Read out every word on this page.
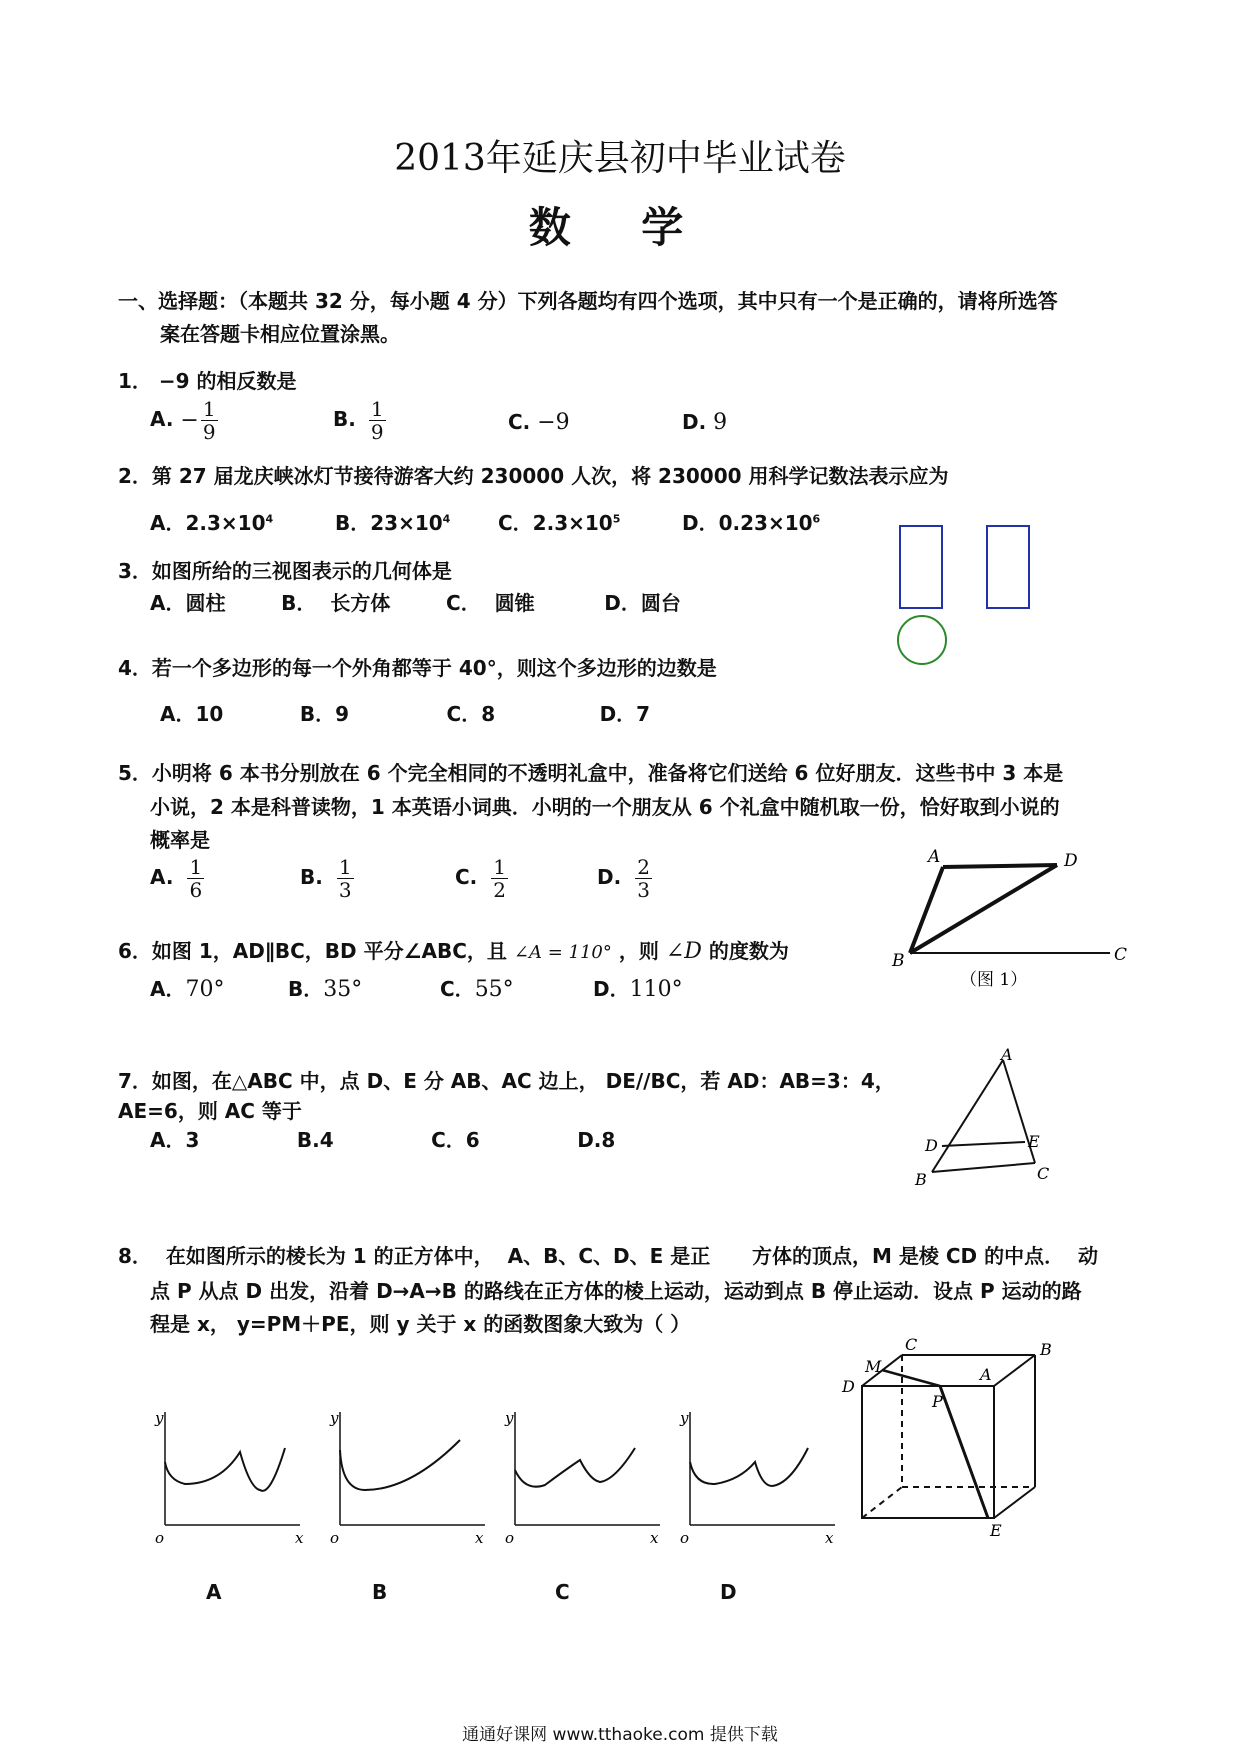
2013年延庆县初中毕业试卷
数 学
一、选择题：（本题共 32 分，每小题 4 分）下列各题均有四个选项，其中只有一个是正确的，请将所选答
案在答题卡相应位置涂黑。
1． −9 的相反数是
A. − $\frac{1}{9}$	B. $\frac{1}{9}$	C. −9	D. 9
2．第 27 届龙庆峡冰灯节接待游客大约 230000 人次，将 230000 用科学记数法表示应为
A．$2.3\times 10^4$	B．$23\times 10^4$ C．$2.3\times 10^5$	D．$0.23\times 10^6$
3．如图所给的三视图表示的几何体是
A．圆柱        B．  长方体        C．  圆锥          D．圆台
4．若一个多边形的每一个外角都等于 40°，则这个多边形的边数是
A．10           B．9              C．8               D．7
5．小明将 6 本书分别放在 6 个完全相同的不透明礼盒中，准备将它们送给 6 位好朋友．这些书中 3 本是
小说，2 本是科普读物，1 本英语小词典．小明的一个朋友从 6 个礼盒中随机取一份，恰好取到小说的
概率是
A. $\frac{1}{6}$	B. $\frac{1}{3}$	C. $\frac{1}{2}$	D. $\frac{2}{3}$	A	D
B	C
（图 1）
6．如图 1，AD∥BC，BD 平分∠ABC，且 ∠A = 110° ，则 ∠D 的度数为
A．70°	B．35°	C．55°	D．110°
7．如图，在△ABC 中，点 D、E 分 AB、AC 边上， DE//BC，若 AD：AB=3：4，
AE=6，则 AC 等于
A．3              B.4              C．6              D.8
A
B	C
D	E
8．  在如图所示的棱长为 1 的正方体中，  A、B、C、D、E 是正      方体的顶点，M 是棱 CD 的中点．  动
点 P 从点 D 出发，沿着 D→A→B 的路线在正方体的棱上运动，运动到点 B 停止运动．设点 P 运动的路
程是 x， y=PM＋PE，则 y 关于 x 的函数图象大致为（ ）
y
x
o
y
x
o
y
x
o
y
x
o
A	B	C	D
C	B
A
D
M
P
E
通通好课网 www.tthaoke.com 提供下载
